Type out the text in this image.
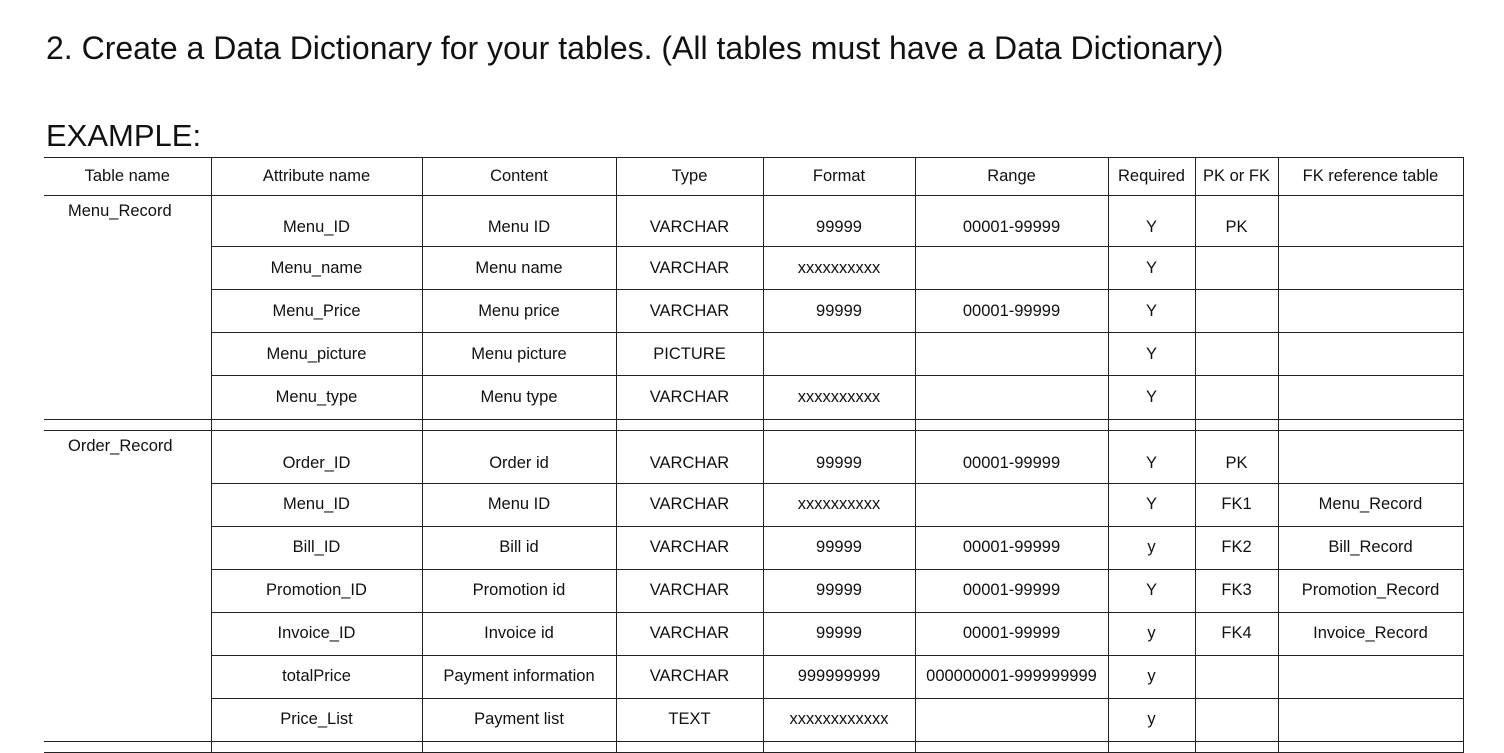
2. Create a Data Dictionary for your tables. (All tables must have a Data Dictionary)
EXAMPLE:
Table name	Attribute name	Content	Type	Format	Range	Required	PK or FK	FK reference table
Menu_Record	Menu_ID	Menu ID	VARCHAR	99999	00001-99999	Y	PK	
	Menu_name	Menu name	VARCHAR	xxxxxxxxxx		Y		
	Menu_Price	Menu price	VARCHAR	99999	00001-99999	Y		
	Menu_picture	Menu picture	PICTURE			Y		
	Menu_type	Menu type	VARCHAR	xxxxxxxxxx		Y		

Order_Record	Order_ID	Order id	VARCHAR	99999	00001-99999	Y	PK	
	Menu_ID	Menu ID	VARCHAR	xxxxxxxxxx		Y	FK1	Menu_Record
	Bill_ID	Bill id	VARCHAR	99999	00001-99999	y	FK2	Bill_Record
	Promotion_ID	Promotion id	VARCHAR	99999	00001-99999	Y	FK3	Promotion_Record
	Invoice_ID	Invoice id	VARCHAR	99999	00001-99999	y	FK4	Invoice_Record
	totalPrice	Payment information	VARCHAR	999999999	000000001-999999999	y		
	Price_List	Payment list	TEXT	xxxxxxxxxxxx		y		
